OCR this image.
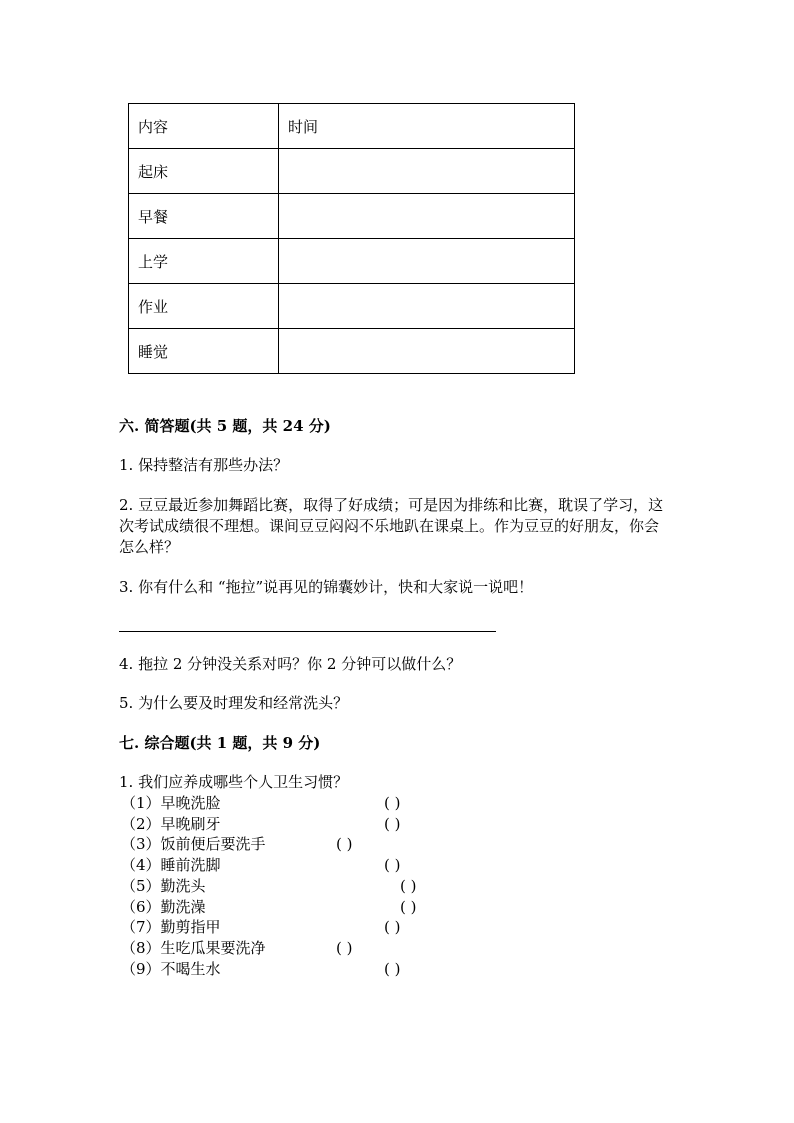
内容	时间
起床	
早餐	
上学	
作业	
睡觉	
六. 简答题(共 5 题，共 24 分)
1. 保持整洁有那些办法？
2. 豆豆最近参加舞蹈比赛，取得了好成绩；可是因为排练和比赛，耽误了学习，这次考试成绩很不理想。课间豆豆闷闷不乐地趴在课桌上。作为豆豆的好朋友，你会怎么样？
3. 你有什么和 “拖拉”说再见的锦囊妙计，快和大家说一说吧！
4. 拖拉 2 分钟没关系对吗？你 2 分钟可以做什么？
5. 为什么要及时理发和经常洗头？
七. 综合题(共 1 题，共 9 分)
1. 我们应养成哪些个人卫生习惯？
（1）早晚洗脸	( )
（2）早晚刷牙	( )
（3）饭前便后要洗手	( )
（4）睡前洗脚	( )
（5）勤洗头	( )
（6）勤洗澡	( )
（7）勤剪指甲	( )
（8）生吃瓜果要洗净	( )
（9）不喝生水	( )
